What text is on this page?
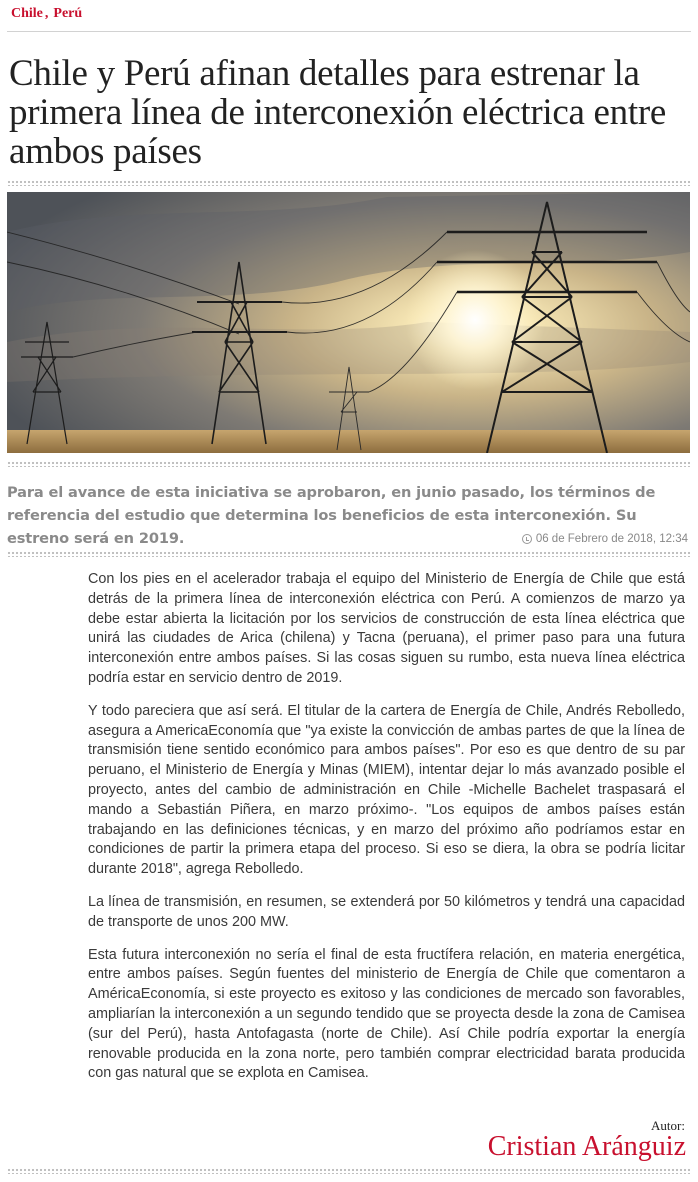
Chile , Perú
Chile y Perú afinan detalles para estrenar la primera línea de interconexión eléctrica entre ambos países

Para el avance de esta iniciativa se aprobaron, en junio pasado, los términos de referencia del estudio que determina los beneficios de esta interconexión. Su estreno será en 2019.	06 de Febrero de 2018, 12:34

Con los pies en el acelerador trabaja el equipo del Ministerio de Energía de Chile que está detrás de la primera línea de interconexión eléctrica con Perú. A comienzos de marzo ya debe estar abierta la licitación por los servicios de construcción de esta línea eléctrica que unirá las ciudades de Arica (chilena) y Tacna (peruana), el primer paso para una futura interconexión entre ambos países. Si las cosas siguen su rumbo, esta nueva línea eléctrica podría estar en servicio dentro de 2019.

Y todo pareciera que así será. El titular de la cartera de Energía de Chile, Andrés Rebolledo, asegura a AmericaEconomía que "ya existe la convicción de ambas partes de que la línea de transmisión tiene sentido económico para ambos países". Por eso es que dentro de su par peruano, el Ministerio de Energía y Minas (MIEM), intentar dejar lo más avanzado posible el proyecto, antes del cambio de administración en Chile -Michelle Bachelet traspasará el mando a Sebastián Piñera, en marzo próximo-. "Los equipos de ambos países están trabajando en las definiciones técnicas, y en marzo del próximo año podríamos estar en condiciones de partir la primera etapa del proceso. Si eso se diera, la obra se podría licitar durante 2018", agrega Rebolledo.

La línea de transmisión, en resumen, se extenderá por 50 kilómetros y tendrá una capacidad de transporte de unos 200 MW.

Esta futura interconexión no sería el final de esta fructífera relación, en materia energética, entre ambos países. Según fuentes del ministerio de Energía de Chile que comentaron a AméricaEconomía, si este proyecto es exitoso y las condiciones de mercado son favorables, ampliarían la interconexión a un segundo tendido que se proyecta desde la zona de Camisea (sur del Perú), hasta Antofagasta (norte de Chile). Así Chile podría exportar la energía renovable producida en la zona norte, pero también comprar electricidad barata producida con gas natural que se explota en Camisea.

Autor:
Cristian Aránguiz
